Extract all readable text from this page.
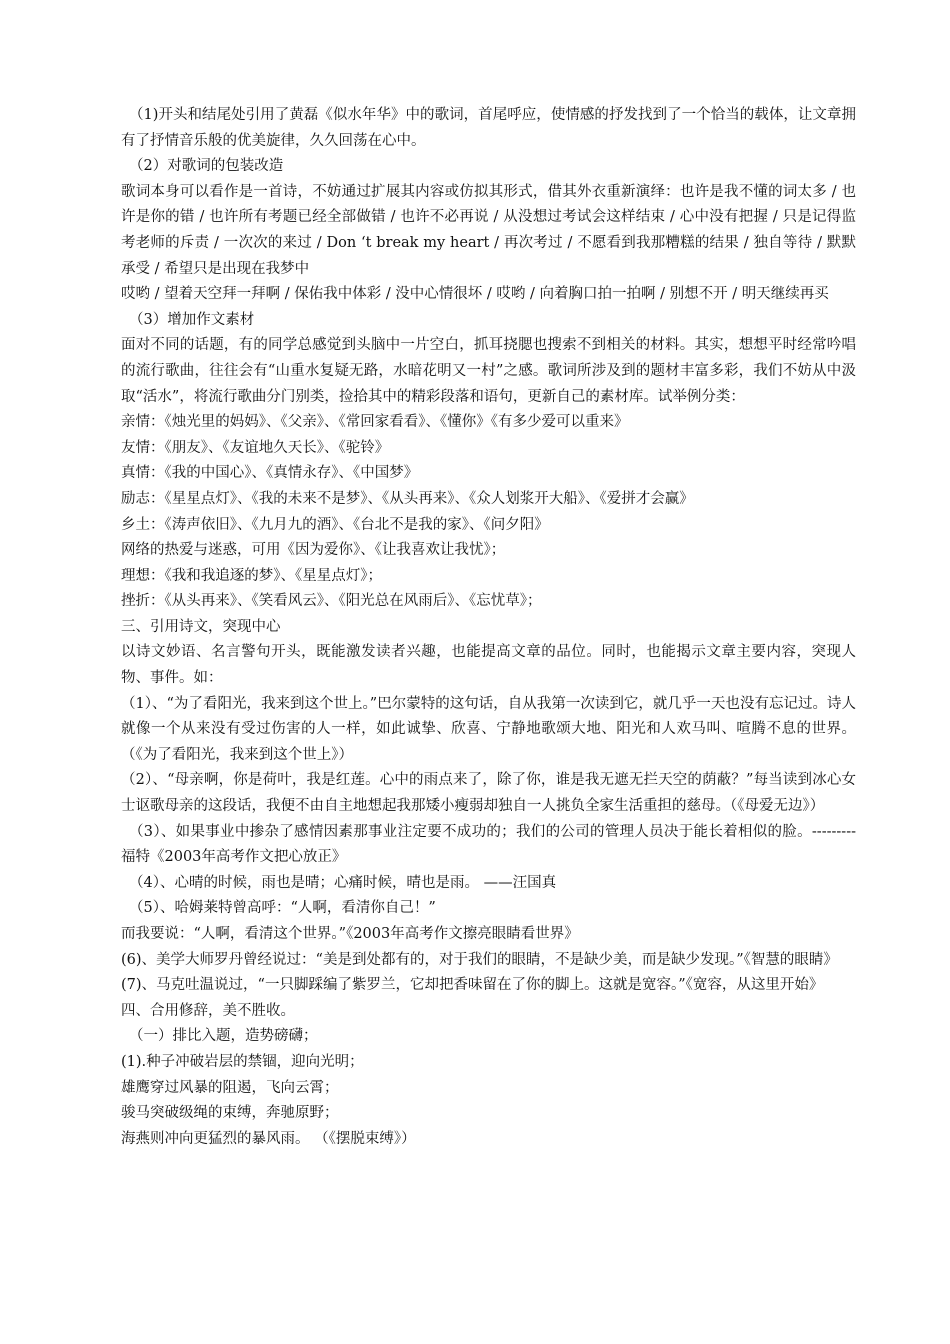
（1)开头和结尾处引用了黄磊《似水年华》中的歌词，首尾呼应，使情感的抒发找到了一个恰当的载体，让文章拥有了抒情音乐般的优美旋律，久久回荡在心中。

（2）对歌词的包装改造

歌词本身可以看作是一首诗，不妨通过扩展其内容或仿拟其形式，借其外衣重新演绎：也许是我不懂的词太多 / 也许是你的错 / 也许所有考题已经全部做错 / 也许不必再说 / 从没想过考试会这样结束 / 心中没有把握 / 只是记得监考老师的斥责 / 一次次的来过 / Don ‘t break my heart / 再次考过 / 不愿看到我那糟糕的结果 / 独自等待 / 默默承受 / 希望只是出现在我梦中

哎哟 / 望着天空拜一拜啊 / 保佑我中体彩 / 没中心情很坏 / 哎哟 / 向着胸口拍一拍啊 / 别想不开 / 明天继续再买

（3）增加作文素材

面对不同的话题，有的同学总感觉到头脑中一片空白，抓耳挠腮也搜索不到相关的材料。其实，想想平时经常吟唱的流行歌曲，往往会有“山重水复疑无路，水暗花明又一村”之感。歌词所涉及到的题材丰富多彩，我们不妨从中汲取“活水”，将流行歌曲分门别类，捡拾其中的精彩段落和语句，更新自己的素材库。试举例分类：

亲情：《烛光里的妈妈》、《父亲》、《常回家看看》、《懂你》《有多少爱可以重来》

友情：《朋友》、《友谊地久天长》、《驼铃》

真情：《我的中国心》、《真情永存》、《中国梦》

励志：《星星点灯》、《我的未来不是梦》、《从头再来》、《众人划浆开大船》、《爱拼才会赢》

乡土：《涛声依旧》、《九月九的酒》、《台北不是我的家》、《问夕阳》

网络的热爱与迷惑，可用《因为爱你》、《让我喜欢让我忧》；

理想：《我和我追逐的梦》、《星星点灯》；

挫折：《从头再来》、《笑看风云》、《阳光总在风雨后》、《忘忧草》；

三、引用诗文，突现中心

以诗文妙语、名言警句开头，既能激发读者兴趣，也能提高文章的品位。同时，也能揭示文章主要内容，突现人物、事件。如：

（1）、“为了看阳光，我来到这个世上。”巴尔蒙特的这句话，自从我第一次读到它，就几乎一天也没有忘记过。诗人就像一个从来没有受过伤害的人一样，如此诚挚、欣喜、宁静地歌颂大地、阳光和人欢马叫、喧腾不息的世界。（《为了看阳光，我来到这个世上》）

（2）、“母亲啊，你是荷叶，我是红莲。心中的雨点来了，除了你，谁是我无遮无拦天空的荫蔽？”每当读到冰心女士讴歌母亲的这段话，我便不由自主地想起我那矮小瘦弱却独自一人挑负全家生活重担的慈母。（《母爱无边》）

（3）、如果事业中掺杂了感情因素那事业注定要不成功的；我们的公司的管理人员决于能长着相似的脸。---------福特《2003年高考作文把心放正》

（4）、心晴的时候，雨也是晴；心痛时候，晴也是雨。 ——汪国真

（5）、哈姆莱特曾高呼：“人啊，看清你自己！”

而我要说：“人啊，看清这个世界。”《2003年高考作文擦亮眼睛看世界》

(6)、美学大师罗丹曾经说过：“美是到处都有的，对于我们的眼睛，不是缺少美，而是缺少发现。”《智慧的眼睛》

(7)、马克吐温说过，“一只脚踩编了紫罗兰，它却把香味留在了你的脚上。这就是宽容。”《宽容，从这里开始》

四、合用修辞，美不胜收。

（一）排比入题，造势磅礴；

(1).种子冲破岩层的禁锢，迎向光明；

雄鹰穿过风暴的阻遏，飞向云霄；

骏马突破级绳的束缚，奔驰原野；

海燕则冲向更猛烈的暴风雨。 （《摆脱束缚》）
